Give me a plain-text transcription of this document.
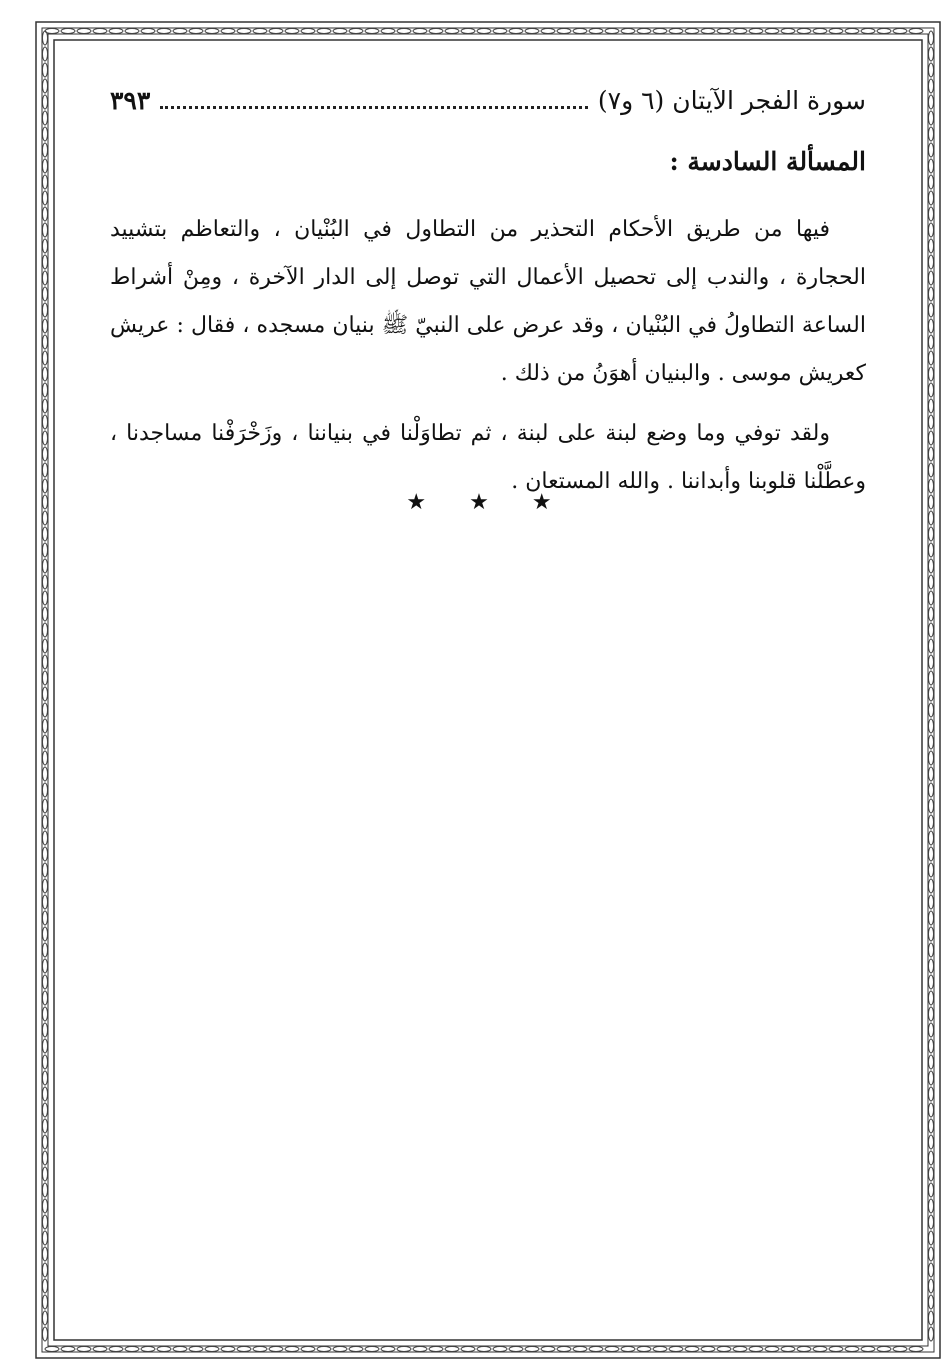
سورة الفجر الآيتان (٦ و٧)
٣٩٣
المسألة السادسة :

فيها من طريق الأحكام التحذير من التطاول في البُنْيان ، والتعاظم بتشييد الحجارة ، والندب إلى تحصيل الأعمال التي توصل إلى الدار الآخرة ، ومِنْ أشراط الساعة التطاولُ في البُنْيان ، وقد عرض على النبيّ ﷺ بنيان مسجده ، فقال : عريش كعريش موسى . والبنيان أهوَنُ من ذلك .

ولقد توفي وما وضع لبنة على لبنة ، ثم تطاوَلْنا في بنياننا ، وزَخْرَفْنا مساجدنا ، وعطَّلْنا قلوبنا وأبداننا . والله المستعان .

★ ★ ★
